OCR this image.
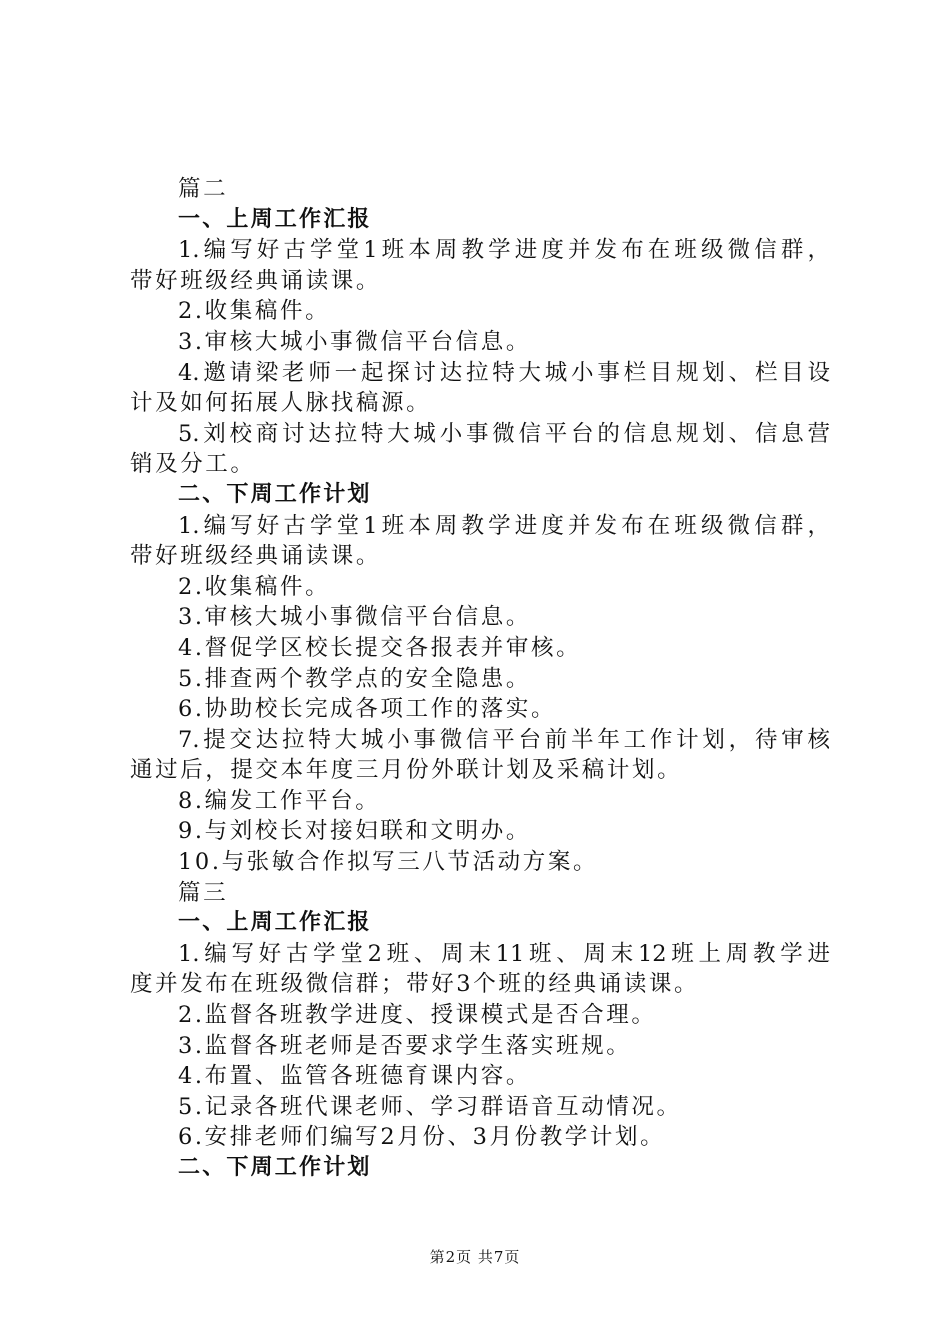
篇二
一、上周工作汇报
1.编写好古学堂1班本周教学进度并发布在班级微信群，
带好班级经典诵读课。
2.收集稿件。
3.审核大城小事微信平台信息。
4.邀请梁老师一起探讨达拉特大城小事栏目规划、栏目设
计及如何拓展人脉找稿源。
5.刘校商讨达拉特大城小事微信平台的信息规划、信息营
销及分工。
二、下周工作计划
1.编写好古学堂1班本周教学进度并发布在班级微信群，
带好班级经典诵读课。
2.收集稿件。
3.审核大城小事微信平台信息。
4.督促学区校长提交各报表并审核。
5.排查两个教学点的安全隐患。
6.协助校长完成各项工作的落实。
7.提交达拉特大城小事微信平台前半年工作计划，待审核
通过后，提交本年度三月份外联计划及采稿计划。
8.编发工作平台。
9.与刘校长对接妇联和文明办。
10.与张敏合作拟写三八节活动方案。
篇三
一、上周工作汇报
1.编写好古学堂2班、周末11班、周末12班上周教学进
度并发布在班级微信群；带好3个班的经典诵读课。
2.监督各班教学进度、授课模式是否合理。
3.监督各班老师是否要求学生落实班规。
4.布置、监管各班德育课内容。
5.记录各班代课老师、学习群语音互动情况。
6.安排老师们编写2月份、3月份教学计划。
二、下周工作计划
第2页 共7页
